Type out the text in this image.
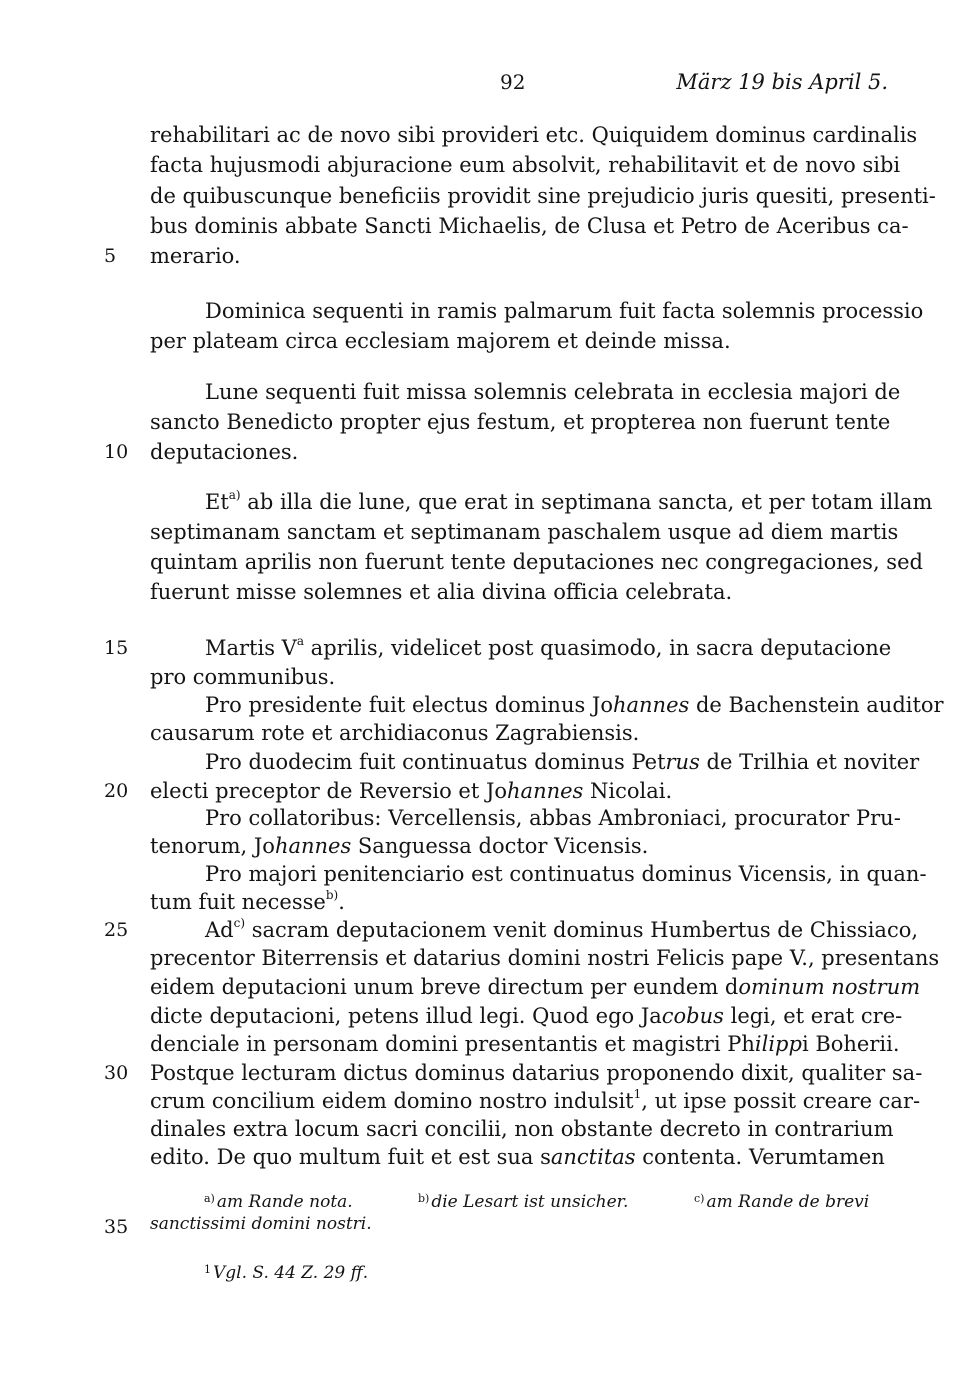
92	März 19 bis April 5.
5
10
15
20
25
30
35
rehabilitari ac de novo sibi provideri etc. Quiquidem dominus cardinalis
facta hujusmodi abjuracione eum absolvit, rehabilitavit et de novo sibi
de quibuscunque beneficiis providit sine prejudicio juris quesiti, presenti-
bus dominis abbate Sancti Michaelis, de Clusa et Petro de Aceribus ca-
merario.
Dominica sequenti in ramis palmarum fuit facta solemnis processio
per plateam circa ecclesiam majorem et deinde missa.
Lune sequenti fuit missa solemnis celebrata in ecclesia majori de
sancto Benedicto propter ejus festum, et propterea non fuerunt tente
deputaciones.
Et$^{a)}$ ab illa die lune, que erat in septimana sancta, et per totam illam
septimanam sanctam et septimanam paschalem usque ad diem martis
quintam aprilis non fuerunt tente deputaciones nec congregaciones, sed
fuerunt misse solemnes et alia divina officia celebrata.
Martis $V^a$ aprilis, videlicet post quasimodo, in sacra deputacione
pro communibus.
Pro presidente fuit electus dominus Johannes de Bachenstein auditor
causarum rote et archidiaconus Zagrabiensis.
Pro duodecim fuit continuatus dominus Petrus de Trilhia et noviter
electi preceptor de Reversio et Johannes Nicolai.
Pro collatoribus: Vercellensis, abbas Ambroniaci, procurator Pru-
tenorum, Johannes Sanguessa doctor Vicensis.
Pro majori penitenciario est continuatus dominus Vicensis, in quan-
tum fuit necesse$^{b)}$.
Ad$^{c)}$ sacram deputacionem venit dominus Humbertus de Chissiaco,
precentor Biterrensis et datarius domini nostri Felicis pape V., presentans
eidem deputacioni unum breve directum per eundem dominum nostrum
dicte deputacioni, petens illud legi. Quod ego Jacobus legi, et erat cre-
denciale in personam domini presentantis et magistri Philippi Boherii.
Postque lecturam dictus dominus datarius proponendo dixit, qualiter sa-
crum concilium eidem domino nostro indulsit$^1$, ut ipse possit creare car-
dinales extra locum sacri concilii, non obstante decreto in contrarium
edito. De quo multum fuit et est sua sanctitas contenta. Verumtamen
$^{a)}$ am Rande nota.	$^{b)}$ die Lesart ist unsicher.	$^{c)}$ am Rande de brevi
sanctissimi domini nostri.
$^1$ Vgl. S. 44 Z. 29 ff.
